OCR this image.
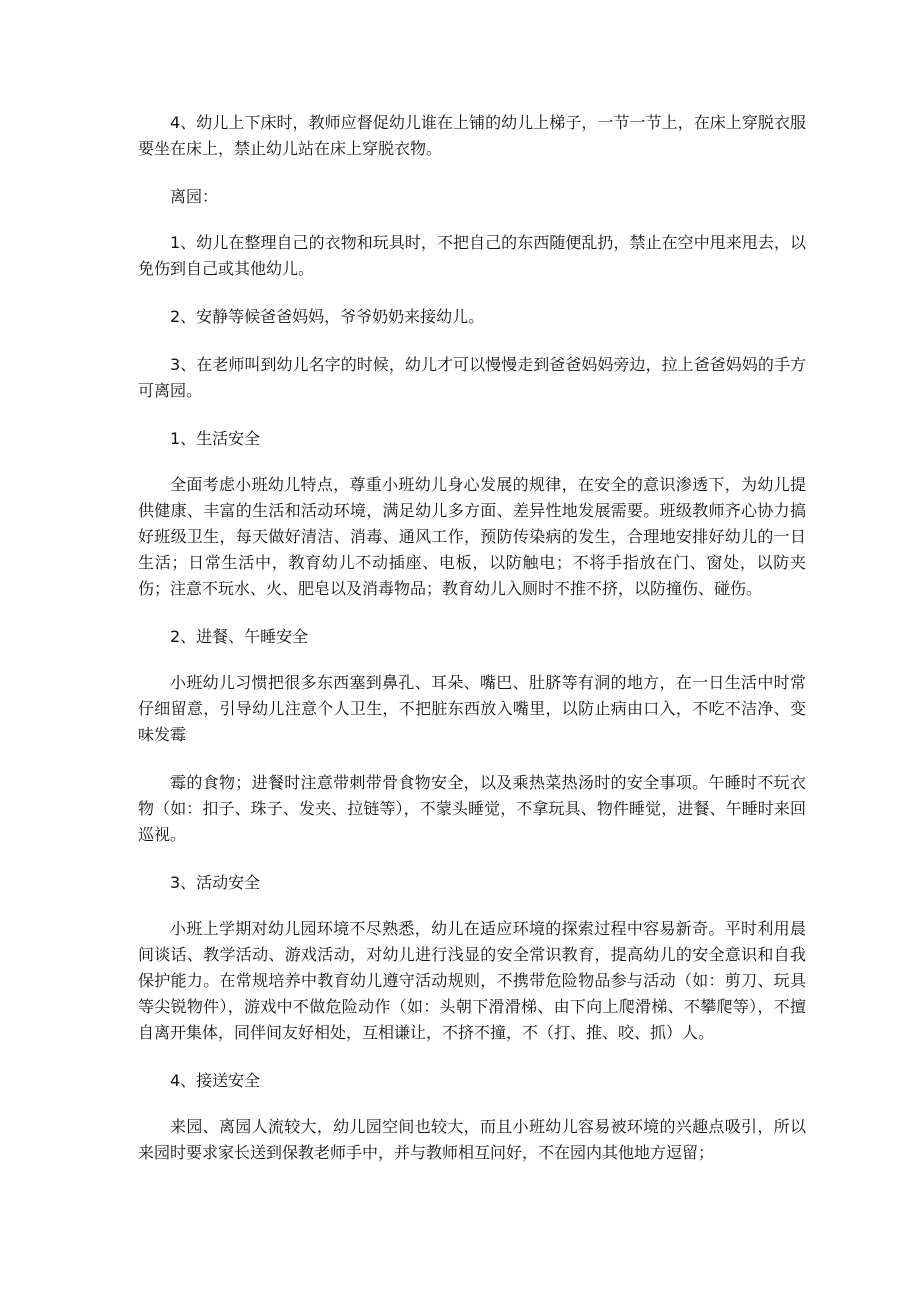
4、幼儿上下床时，教师应督促幼儿谁在上铺的幼儿上梯子，一节一节上，在床上穿脱衣服要坐在床上，禁止幼儿站在床上穿脱衣物。

离园：

1、幼儿在整理自己的衣物和玩具时，不把自己的东西随便乱扔，禁止在空中甩来甩去，以免伤到自己或其他幼儿。

2、安静等候爸爸妈妈，爷爷奶奶来接幼儿。

3、在老师叫到幼儿名字的时候，幼儿才可以慢慢走到爸爸妈妈旁边，拉上爸爸妈妈的手方可离园。

1、生活安全

全面考虑小班幼儿特点，尊重小班幼儿身心发展的规律，在安全的意识渗透下，为幼儿提供健康、丰富的生活和活动环境，满足幼儿多方面、差异性地发展需要。班级教师齐心协力搞好班级卫生，每天做好清洁、消毒、通风工作，预防传染病的发生，合理地安排好幼儿的一日生活；日常生活中，教育幼儿不动插座、电板，以防触电；不将手指放在门、窗处，以防夹伤；注意不玩水、火、肥皂以及消毒物品；教育幼儿入厕时不推不挤，以防撞伤、碰伤。

2、进餐、午睡安全

小班幼儿习惯把很多东西塞到鼻孔、耳朵、嘴巴、肚脐等有洞的地方，在一日生活中时常仔细留意，引导幼儿注意个人卫生，不把脏东西放入嘴里，以防止病由口入，不吃不洁净、变味发霉

霉的食物；进餐时注意带刺带骨食物安全，以及乘热菜热汤时的安全事项。午睡时不玩衣物（如：扣子、珠子、发夹、拉链等），不蒙头睡觉，不拿玩具、物件睡觉，进餐、午睡时来回巡视。

3、活动安全

小班上学期对幼儿园环境不尽熟悉，幼儿在适应环境的探索过程中容易新奇。平时利用晨间谈话、教学活动、游戏活动，对幼儿进行浅显的安全常识教育，提高幼儿的安全意识和自我保护能力。在常规培养中教育幼儿遵守活动规则，不携带危险物品参与活动（如：剪刀、玩具等尖锐物件），游戏中不做危险动作（如：头朝下滑滑梯、由下向上爬滑梯、不攀爬等），不擅自离开集体，同伴间友好相处，互相谦让，不挤不撞，不（打、推、咬、抓）人。

4、接送安全

来园、离园人流较大，幼儿园空间也较大，而且小班幼儿容易被环境的兴趣点吸引，所以来园时要求家长送到保教老师手中，并与教师相互问好，不在园内其他地方逗留；
